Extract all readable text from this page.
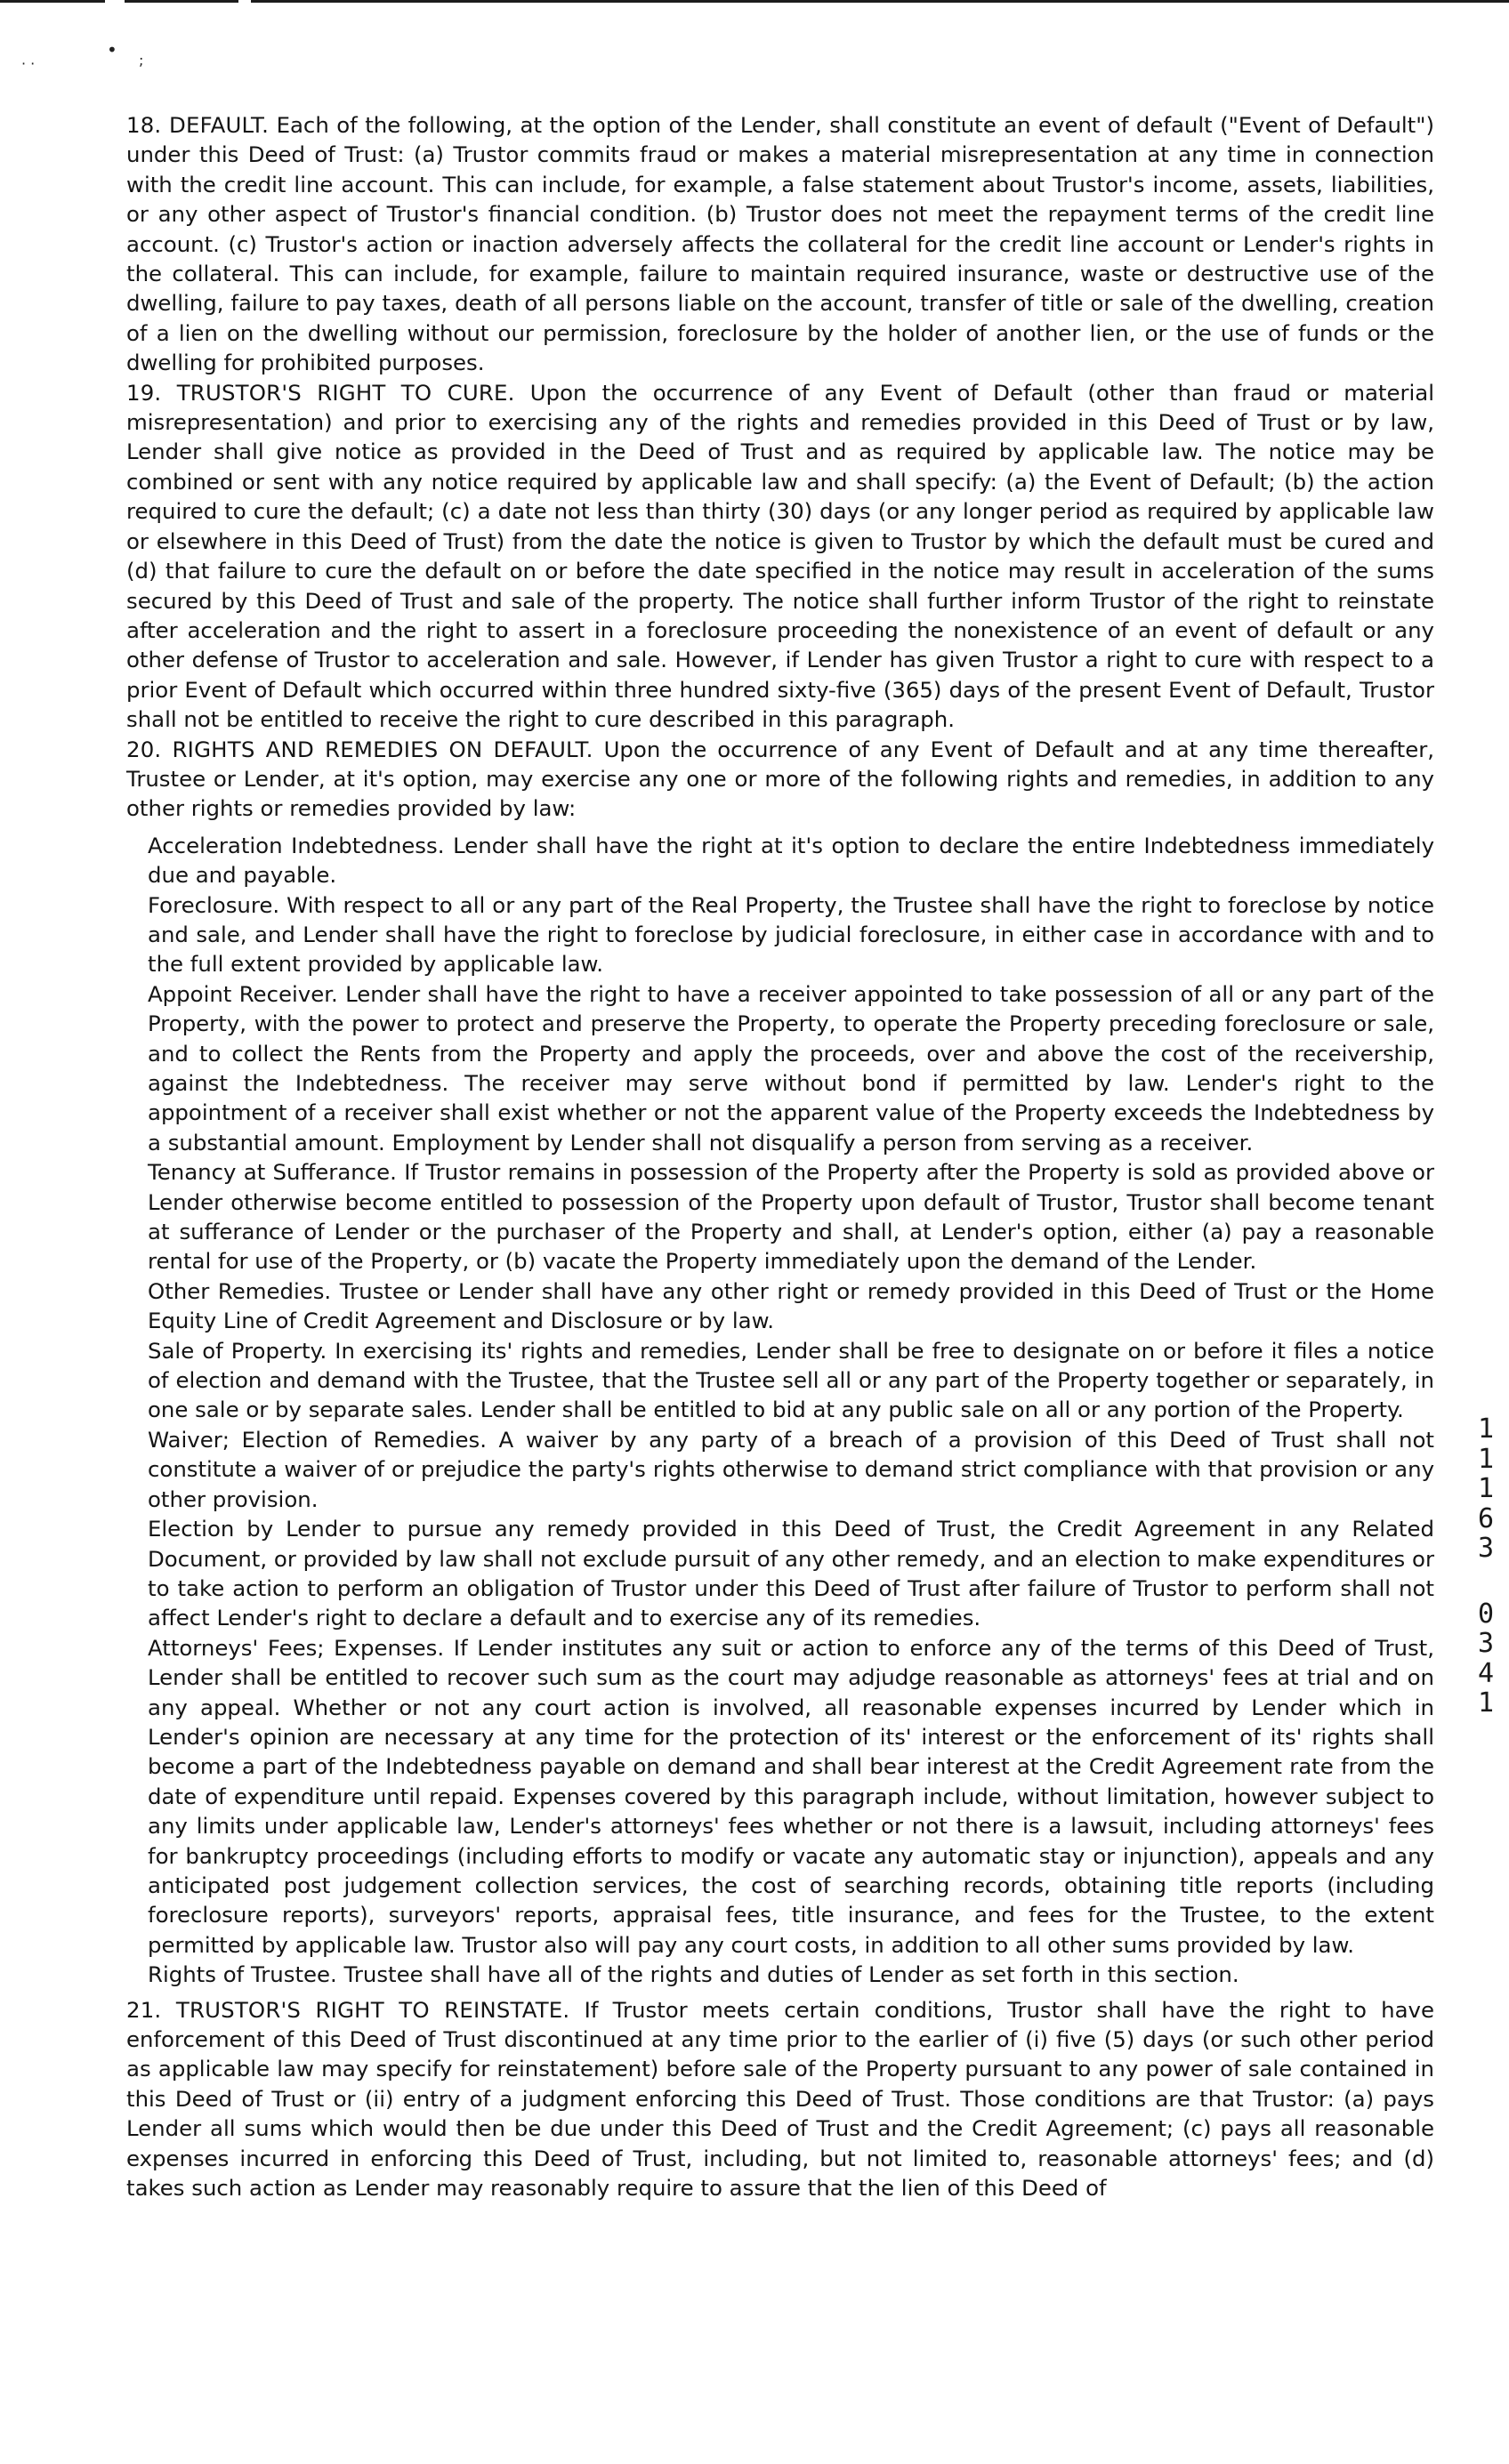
· ·
• ;

18. DEFAULT. Each of the following, at the option of the Lender, shall constitute an event of default ("Event of Default") under this Deed of Trust: (a) Trustor commits fraud or makes a material misrepresentation at any time in connection with the credit line account. This can include, for example, a false statement about Trustor's income, assets, liabilities, or any other aspect of Trustor's financial condition. (b) Trustor does not meet the repayment terms of the credit line account. (c) Trustor's action or inaction adversely affects the collateral for the credit line account or Lender's rights in the collateral. This can include, for example, failure to maintain required insurance, waste or destructive use of the dwelling, failure to pay taxes, death of all persons liable on the account, transfer of title or sale of the dwelling, creation of a lien on the dwelling without our permission, foreclosure by the holder of another lien, or the use of funds or the dwelling for prohibited purposes.

19. TRUSTOR'S RIGHT TO CURE. Upon the occurrence of any Event of Default (other than fraud or material misrepresentation) and prior to exercising any of the rights and remedies provided in this Deed of Trust or by law, Lender shall give notice as provided in the Deed of Trust and as required by applicable law. The notice may be combined or sent with any notice required by applicable law and shall specify: (a) the Event of Default; (b) the action required to cure the default; (c) a date not less than thirty (30) days (or any longer period as required by applicable law or elsewhere in this Deed of Trust) from the date the notice is given to Trustor by which the default must be cured and (d) that failure to cure the default on or before the date specified in the notice may result in acceleration of the sums secured by this Deed of Trust and sale of the property. The notice shall further inform Trustor of the right to reinstate after acceleration and the right to assert in a foreclosure proceeding the nonexistence of an event of default or any other defense of Trustor to acceleration and sale. However, if Lender has given Trustor a right to cure with respect to a prior Event of Default which occurred within three hundred sixty-five (365) days of the present Event of Default, Trustor shall not be entitled to receive the right to cure described in this paragraph.

20. RIGHTS AND REMEDIES ON DEFAULT. Upon the occurrence of any Event of Default and at any time thereafter, Trustee or Lender, at it's option, may exercise any one or more of the following rights and remedies, in addition to any other rights or remedies provided by law:

Acceleration Indebtedness. Lender shall have the right at it's option to declare the entire Indebtedness immediately due and payable.

Foreclosure. With respect to all or any part of the Real Property, the Trustee shall have the right to foreclose by notice and sale, and Lender shall have the right to foreclose by judicial foreclosure, in either case in accordance with and to the full extent provided by applicable law.

Appoint Receiver. Lender shall have the right to have a receiver appointed to take possession of all or any part of the Property, with the power to protect and preserve the Property, to operate the Property preceding foreclosure or sale, and to collect the Rents from the Property and apply the proceeds, over and above the cost of the receivership, against the Indebtedness. The receiver may serve without bond if permitted by law. Lender's right to the appointment of a receiver shall exist whether or not the apparent value of the Property exceeds the Indebtedness by a substantial amount. Employment by Lender shall not disqualify a person from serving as a receiver.

Tenancy at Sufferance. If Trustor remains in possession of the Property after the Property is sold as provided above or Lender otherwise become entitled to possession of the Property upon default of Trustor, Trustor shall become tenant at sufferance of Lender or the purchaser of the Property and shall, at Lender's option, either (a) pay a reasonable rental for use of the Property, or (b) vacate the Property immediately upon the demand of the Lender.

Other Remedies. Trustee or Lender shall have any other right or remedy provided in this Deed of Trust or the Home Equity Line of Credit Agreement and Disclosure or by law.

Sale of Property. In exercising its' rights and remedies, Lender shall be free to designate on or before it files a notice of election and demand with the Trustee, that the Trustee sell all or any part of the Property together or separately, in one sale or by separate sales. Lender shall be entitled to bid at any public sale on all or any portion of the Property.

Waiver; Election of Remedies. A waiver by any party of a breach of a provision of this Deed of Trust shall not constitute a waiver of or prejudice the party's rights otherwise to demand strict compliance with that provision or any other provision.

Election by Lender to pursue any remedy provided in this Deed of Trust, the Credit Agreement in any Related Document, or provided by law shall not exclude pursuit of any other remedy, and an election to make expenditures or to take action to perform an obligation of Trustor under this Deed of Trust after failure of Trustor to perform shall not affect Lender's right to declare a default and to exercise any of its remedies.

Attorneys' Fees; Expenses. If Lender institutes any suit or action to enforce any of the terms of this Deed of Trust, Lender shall be entitled to recover such sum as the court may adjudge reasonable as attorneys' fees at trial and on any appeal. Whether or not any court action is involved, all reasonable expenses incurred by Lender which in Lender's opinion are necessary at any time for the protection of its' interest or the enforcement of its' rights shall become a part of the Indebtedness payable on demand and shall bear interest at the Credit Agreement rate from the date of expenditure until repaid. Expenses covered by this paragraph include, without limitation, however subject to any limits under applicable law, Lender's attorneys' fees whether or not there is a lawsuit, including attorneys' fees for bankruptcy proceedings (including efforts to modify or vacate any automatic stay or injunction), appeals and any anticipated post judgement collection services, the cost of searching records, obtaining title reports (including foreclosure reports), surveyors' reports, appraisal fees, title insurance, and fees for the Trustee, to the extent permitted by applicable law. Trustor also will pay any court costs, in addition to all other sums provided by law.

Rights of Trustee. Trustee shall have all of the rights and duties of Lender as set forth in this section.

21. TRUSTOR'S RIGHT TO REINSTATE. If Trustor meets certain conditions, Trustor shall have the right to have enforcement of this Deed of Trust discontinued at any time prior to the earlier of (i) five (5) days (or such other period as applicable law may specify for reinstatement) before sale of the Property pursuant to any power of sale contained in this Deed of Trust or (ii) entry of a judgment enforcing this Deed of Trust. Those conditions are that Trustor: (a) pays Lender all sums which would then be due under this Deed of Trust and the Credit Agreement; (c) pays all reasonable expenses incurred in enforcing this Deed of Trust, including, but not limited to, reasonable attorneys' fees; and (d) takes such action as Lender may reasonably require to assure that the lien of this Deed of

1
1
1
6
3
0
3
4
1
